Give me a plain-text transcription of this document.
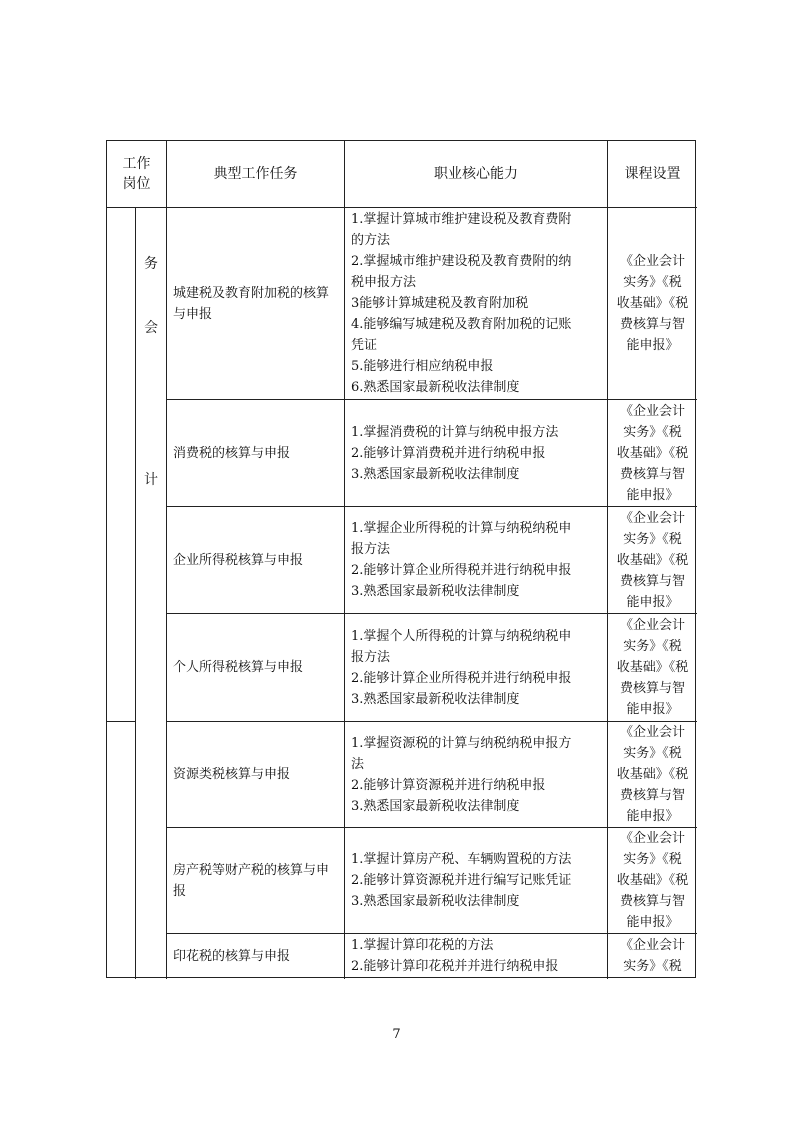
工作
岗位
典型工作任务	职业核心能力	课程设置
务
会
计
城建税及教育附加税的核算与申报
1.掌握计算城市维护建设税及教育费附
的方法
2.掌握城市维护建设税及教育费附的纳
税申报方法
3能够计算城建税及教育附加税
4.能够编写城建税及教育附加税的记账
凭证
5.能够进行相应纳税申报
6.熟悉国家最新税收法律制度
《企业会计
实务》《税
收基础》《税
费核算与智
能申报》
消费税的核算与申报
1.掌握消费税的计算与纳税申报方法
2.能够计算消费税并进行纳税申报
3.熟悉国家最新税收法律制度
《企业会计
实务》《税
收基础》《税
费核算与智
能申报》
企业所得税核算与申报
1.掌握企业所得税的计算与纳税纳税申
报方法
2.能够计算企业所得税并进行纳税申报
3.熟悉国家最新税收法律制度
《企业会计
实务》《税
收基础》《税
费核算与智
能申报》
个人所得税核算与申报
1.掌握个人所得税的计算与纳税纳税申
报方法
2.能够计算企业所得税并进行纳税申报
3.熟悉国家最新税收法律制度
《企业会计
实务》《税
收基础》《税
费核算与智
能申报》
资源类税核算与申报
1.掌握资源税的计算与纳税纳税申报方
法
2.能够计算资源税并进行纳税申报
3.熟悉国家最新税收法律制度
《企业会计
实务》《税
收基础》《税
费核算与智
能申报》
房产税等财产税的核算与申报
1.掌握计算房产税、车辆购置税的方法
2.能够计算资源税并进行编写记账凭证
3.熟悉国家最新税收法律制度
《企业会计
实务》《税
收基础》《税
费核算与智
能申报》
印花税的核算与申报
1.掌握计算印花税的方法
2.能够计算印花税并并进行纳税申报
《企业会计
实务》《税
7
